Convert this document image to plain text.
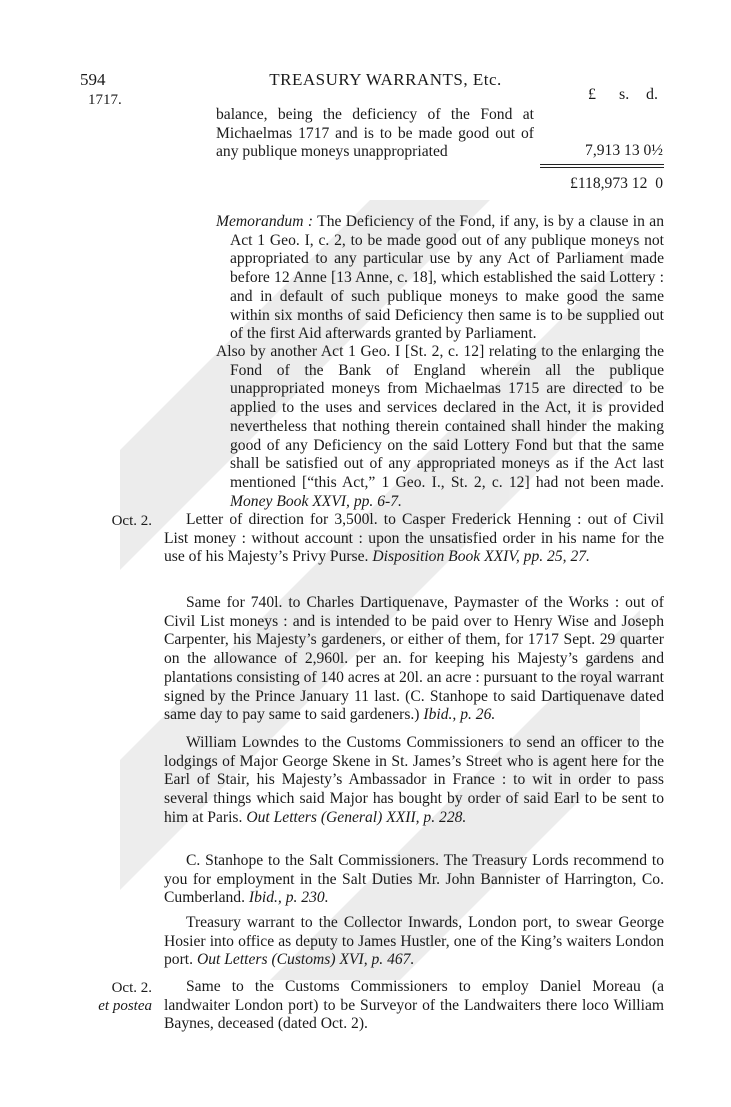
594	TREASURY WARRANTS, Etc.
1717.	£ s. d.
balance, being the deficiency of the Fond at Michaelmas 1717 and is to be made good out of any publique moneys unappropriated	7,913 13 0½
£118,973 12  0
Memorandum : The Deficiency of the Fond, if any, is by a clause in an Act 1 Geo. I, c. 2, to be made good out of any publique moneys not appropriated to any particular use by any Act of Parliament made before 12 Anne [13 Anne, c. 18], which established the said Lottery : and in default of such publique moneys to make good the same within six months of said Deficiency then same is to be supplied out of the first Aid afterwards granted by Parliament.
Also by another Act 1 Geo. I [St. 2, c. 12] relating to the enlarging the Fond of the Bank of England wherein all the publique unappropriated moneys from Michaelmas 1715 are directed to be applied to the uses and services declared in the Act, it is provided nevertheless that nothing therein contained shall hinder the making good of any Deficiency on the said Lottery Fond but that the same shall be satisfied out of any appropriated moneys as if the Act last mentioned [“this Act,” 1 Geo. I., St. 2, c. 12] had not been made. Money Book XXVI, pp. 6-7.
Oct. 2.	Letter of direction for 3,500l. to Casper Frederick Henning : out of Civil List money : without account : upon the unsatisfied order in his name for the use of his Majesty’s Privy Purse. Disposition Book XXIV, pp. 25, 27.
Same for 740l. to Charles Dartiquenave, Paymaster of the Works : out of Civil List moneys : and is intended to be paid over to Henry Wise and Joseph Carpenter, his Majesty’s gardeners, or either of them, for 1717 Sept. 29 quarter on the allowance of 2,960l. per an. for keeping his Majesty’s gardens and plantations consisting of 140 acres at 20l. an acre : pursuant to the royal warrant signed by the Prince January 11 last. (C. Stanhope to said Dartiquenave dated same day to pay same to said gardeners.) Ibid., p. 26.
William Lowndes to the Customs Commissioners to send an officer to the lodgings of Major George Skene in St. James’s Street who is agent here for the Earl of Stair, his Majesty’s Ambassador in France : to wit in order to pass several things which said Major has bought by order of said Earl to be sent to him at Paris. Out Letters (General) XXII, p. 228.
C. Stanhope to the Salt Commissioners. The Treasury Lords recommend to you for employment in the Salt Duties Mr. John Bannister of Harrington, Co. Cumberland. Ibid., p. 230.
Treasury warrant to the Collector Inwards, London port, to swear George Hosier into office as deputy to James Hustler, one of the King’s waiters London port. Out Letters (Customs) XVI, p. 467.
Oct. 2.
et postea
Same to the Customs Commissioners to employ Daniel Moreau (a landwaiter London port) to be Surveyor of the Landwaiters there loco William Baynes, deceased (dated Oct. 2).
